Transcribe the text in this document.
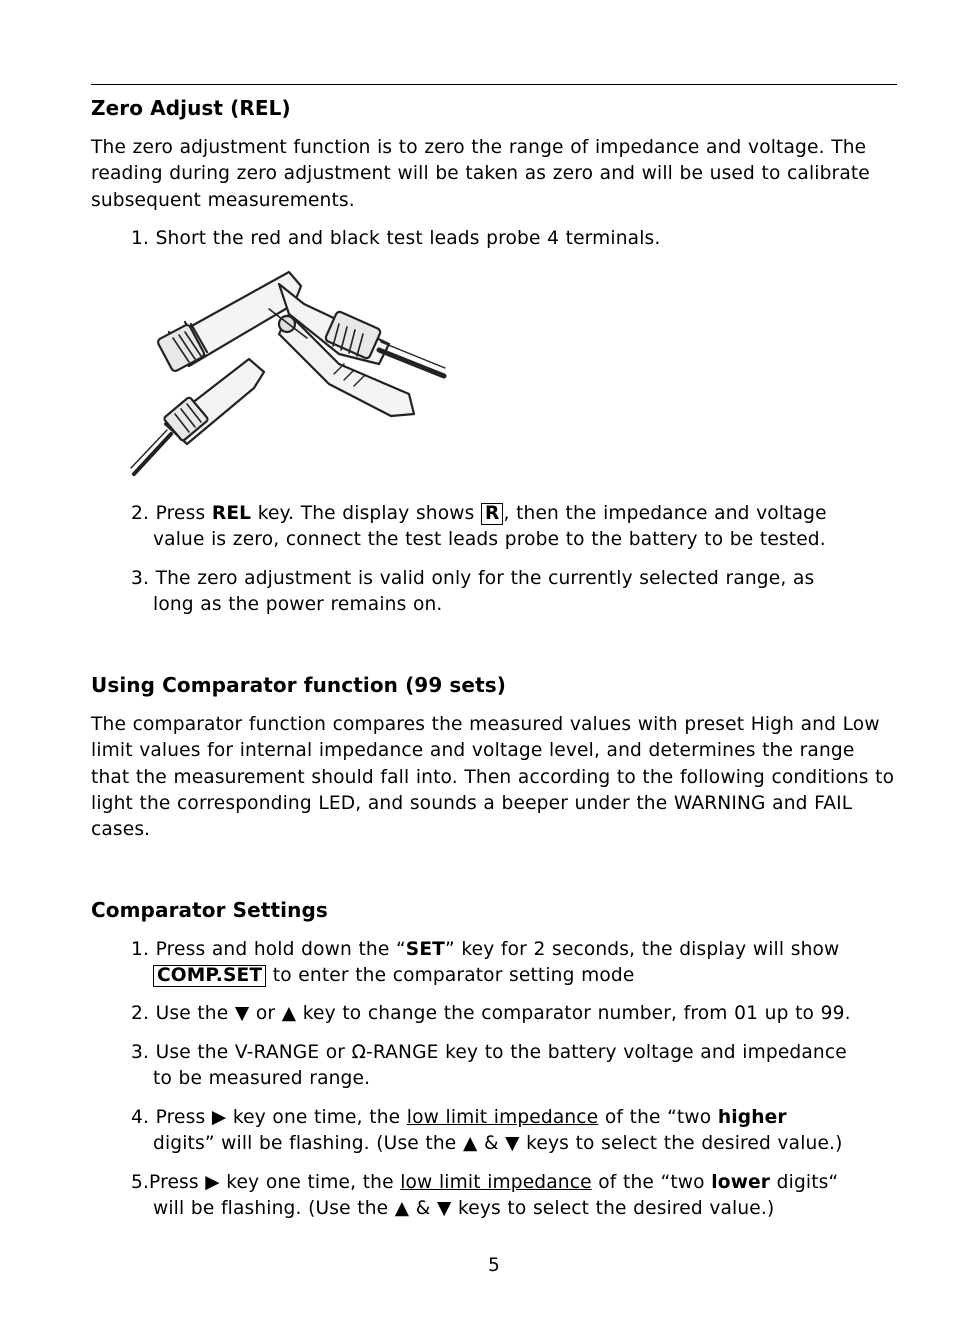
Zero Adjust (REL)

The zero adjustment function is to zero the range of impedance and voltage. The reading during zero adjustment will be taken as zero and will be used to calibrate subsequent measurements.

1. Short the red and black test leads probe 4 terminals.
2. Press REL key. The display shows R , then the impedance and voltage
value is zero, connect the test leads probe to the battery to be tested.
3. The zero adjustment is valid only for the currently selected range, as
long as the power remains on.
Using Comparator function (99 sets)

The comparator function compares the measured values with preset High and Low limit values for internal impedance and voltage level, and determines the range that the measurement should fall into. Then according to the following conditions to light the corresponding LED, and sounds a beeper under the WARNING and FAIL cases.

Comparator Settings
1. Press and hold down the “SET” key for 2 seconds, the display will show
COMP.SET to enter the comparator setting mode
2. Use the ▼ or ▲ key to change the comparator number, from 01 up to 99.
3. Use the V-RANGE or Ω-RANGE key to the battery voltage and impedance
to be measured range.
4. Press ▶ key one time, the low limit impedance of the “two higher
digits” will be flashing. (Use the ▲ & ▼ keys to select the desired value.)
5.Press ▶ key one time, the low limit impedance of the “two lower digits“
will be flashing. (Use the ▲ & ▼ keys to select the desired value.)
5
